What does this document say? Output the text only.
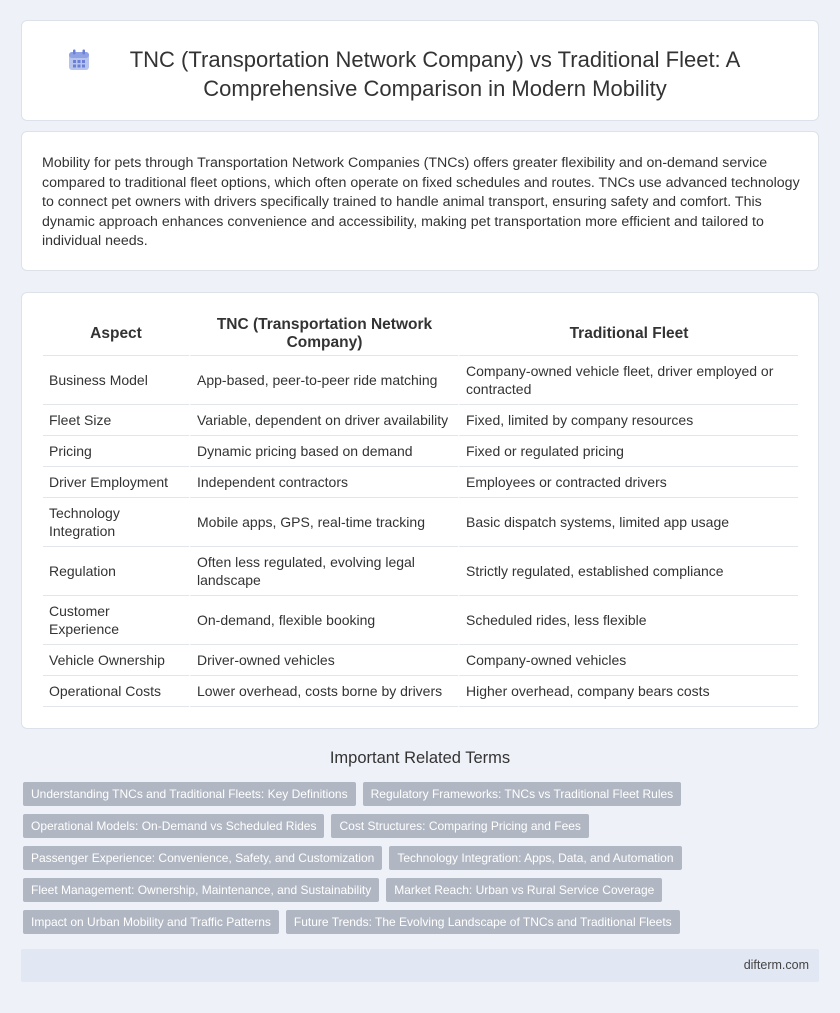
TNC (Transportation Network Company) vs Traditional Fleet: A Comprehensive Comparison in Modern Mobility

Mobility for pets through Transportation Network Companies (TNCs) offers greater flexibility and on-demand service compared to traditional fleet options, which often operate on fixed schedules and routes. TNCs use advanced technology to connect pet owners with drivers specifically trained to handle animal transport, ensuring safety and comfort. This dynamic approach enhances convenience and accessibility, making pet transportation more efficient and tailored to individual needs.

Aspect	TNC (Transportation Network Company)	Traditional Fleet
Business Model	App-based, peer-to-peer ride matching	Company-owned vehicle fleet, driver employed or contracted
Fleet Size	Variable, dependent on driver availability	Fixed, limited by company resources
Pricing	Dynamic pricing based on demand	Fixed or regulated pricing
Driver Employment	Independent contractors	Employees or contracted drivers
Technology Integration	Mobile apps, GPS, real-time tracking	Basic dispatch systems, limited app usage
Regulation	Often less regulated, evolving legal landscape	Strictly regulated, established compliance
Customer Experience	On-demand, flexible booking	Scheduled rides, less flexible
Vehicle Ownership	Driver-owned vehicles	Company-owned vehicles
Operational Costs	Lower overhead, costs borne by drivers	Higher overhead, company bears costs
Important Related Terms
Understanding TNCs and Traditional Fleets: Key Definitions	Regulatory Frameworks: TNCs vs Traditional Fleet Rules
Operational Models: On-Demand vs Scheduled Rides	Cost Structures: Comparing Pricing and Fees
Passenger Experience: Convenience, Safety, and Customization	Technology Integration: Apps, Data, and Automation
Fleet Management: Ownership, Maintenance, and Sustainability	Market Reach: Urban vs Rural Service Coverage
Impact on Urban Mobility and Traffic Patterns	Future Trends: The Evolving Landscape of TNCs and Traditional Fleets
difterm.com
